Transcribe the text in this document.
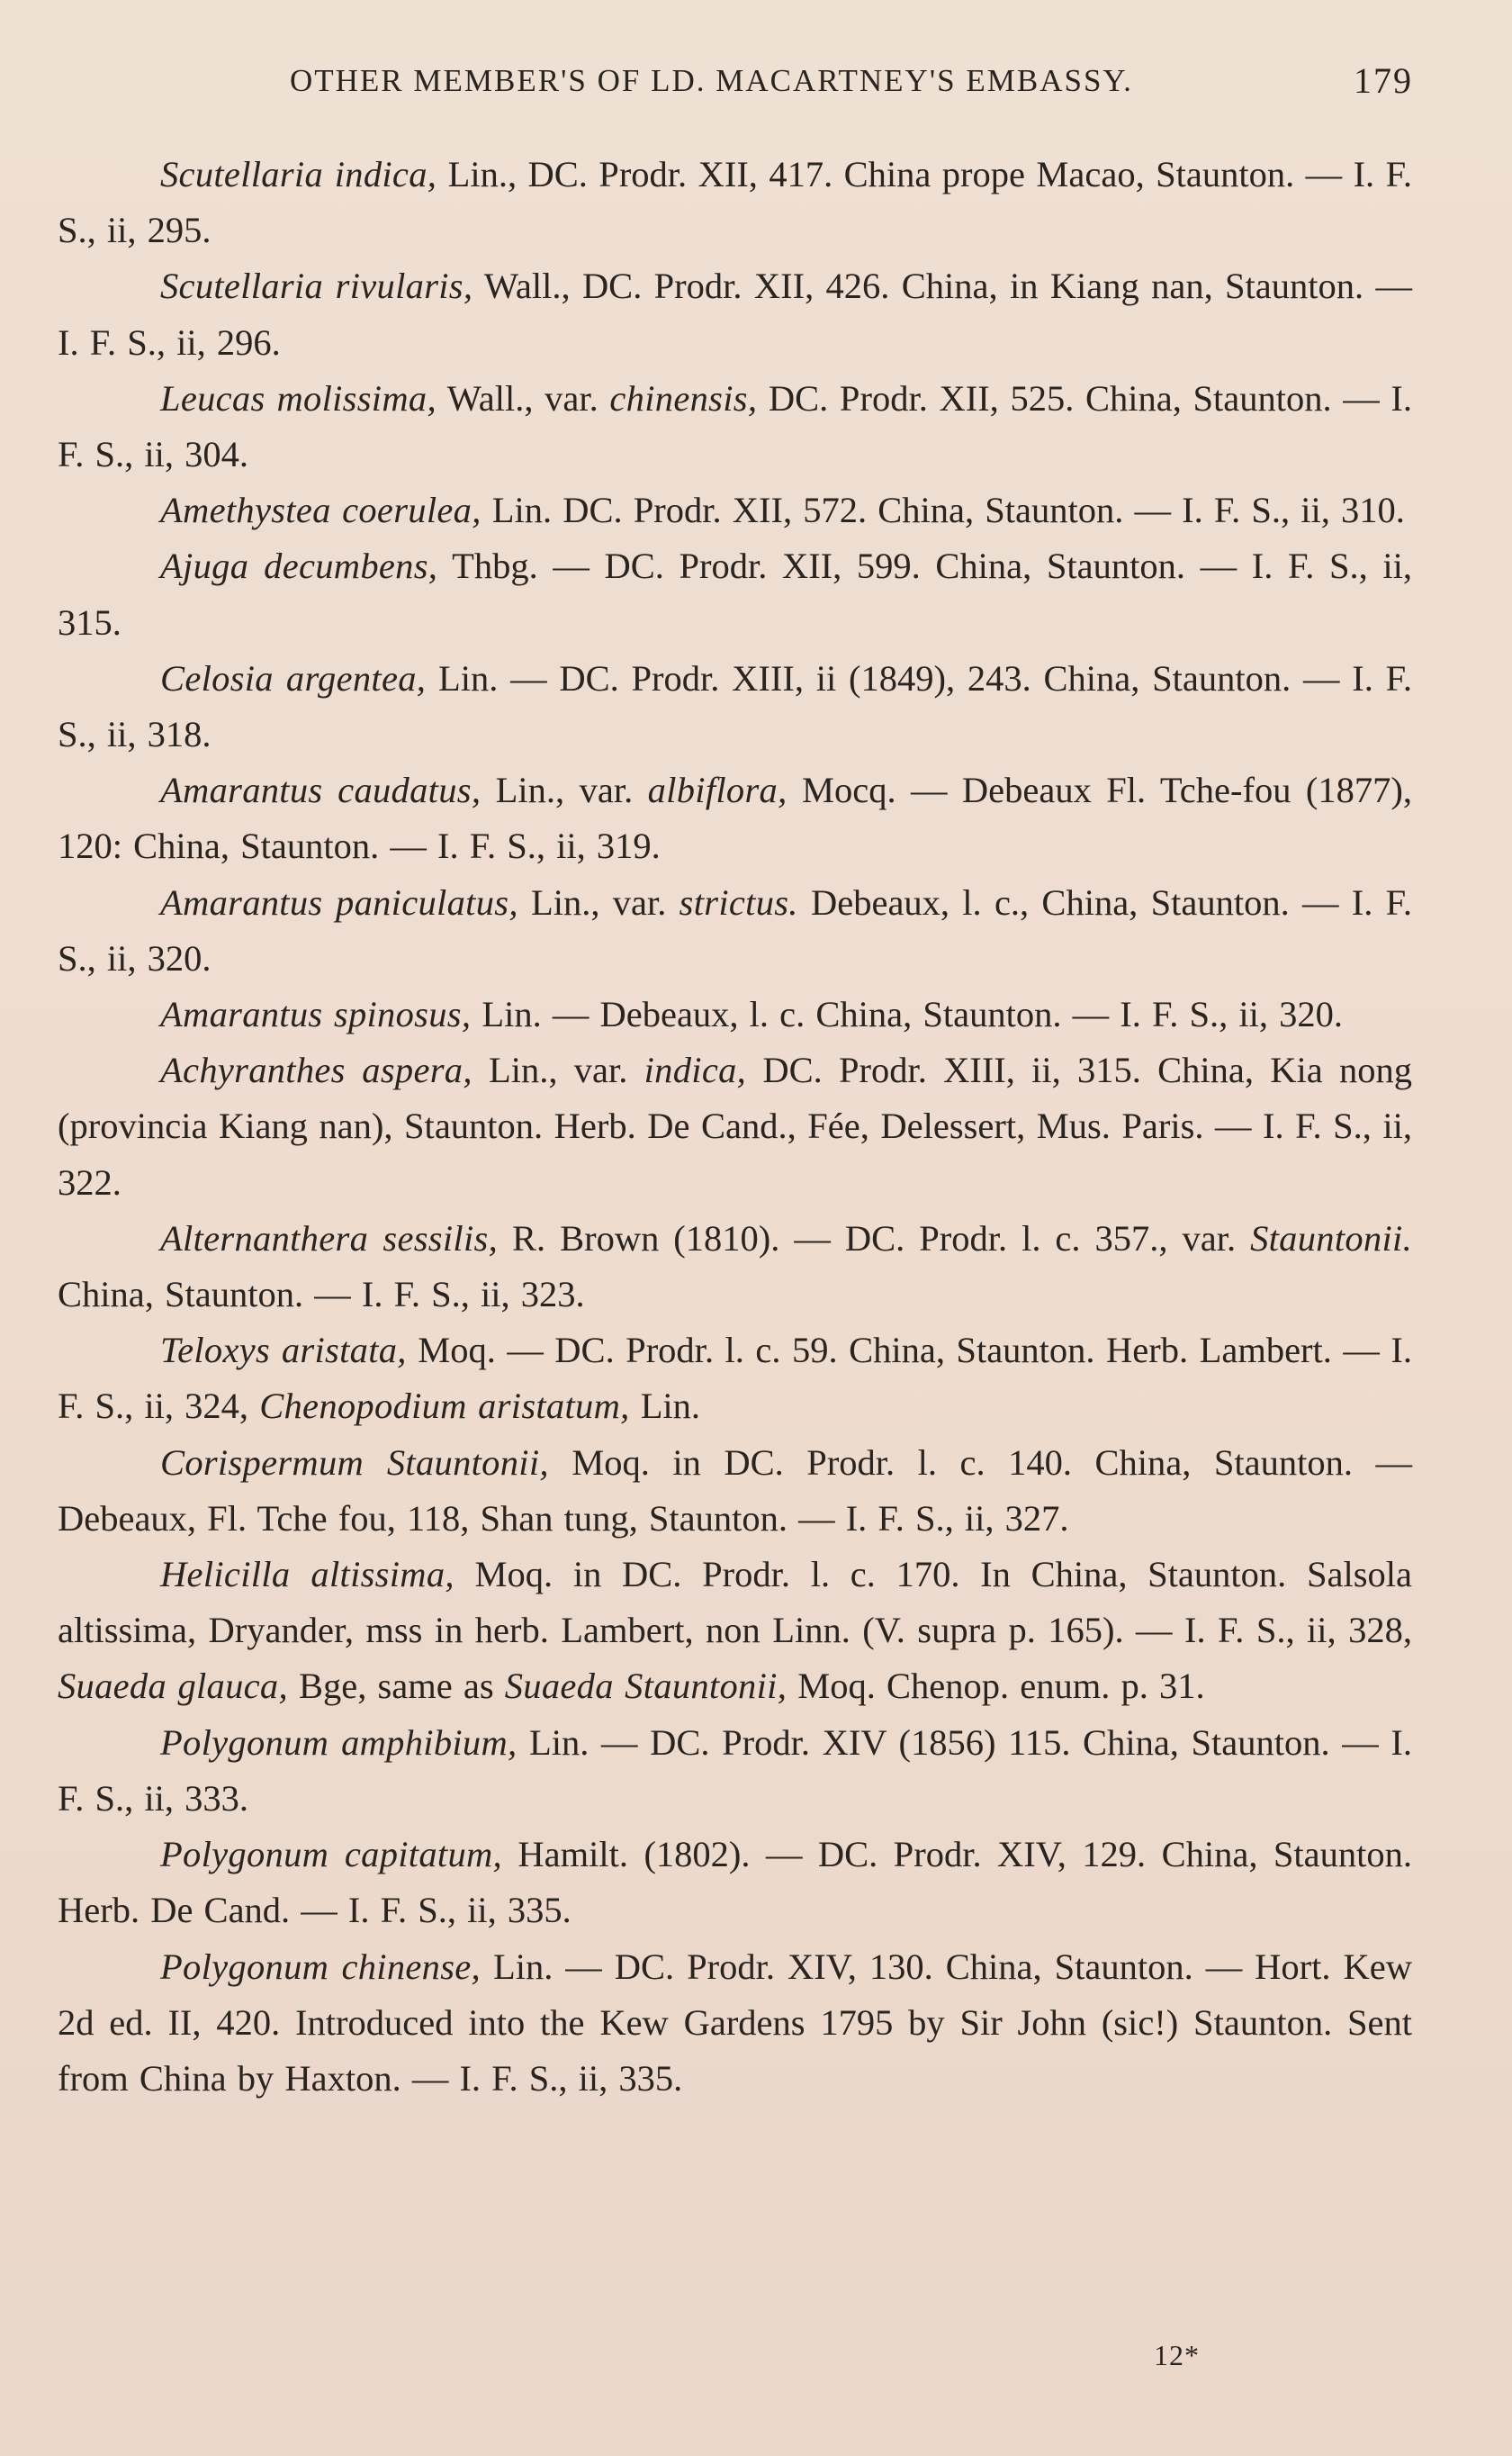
OTHER MEMBER'S OF LD. MACARTNEY'S EMBASSY.	179

Scutellaria indica, Lin., DC. Prodr. XII, 417. China prope Macao, Staunton. — I. F. S., ii, 295.

Scutellaria rivularis, Wall., DC. Prodr. XII, 426. China, in Kiang nan, Staunton. — I. F. S., ii, 296.

Leucas molissima, Wall., var. chinensis, DC. Prodr. XII, 525. China, Staunton. — I. F. S., ii, 304.

Amethystea coerulea, Lin. DC. Prodr. XII, 572. China, Staunton. — I. F. S., ii, 310.

Ajuga decumbens, Thbg. — DC. Prodr. XII, 599. China, Staunton. — I. F. S., ii, 315.

Celosia argentea, Lin. — DC. Prodr. XIII, ii (1849), 243. China, Staunton. — I. F. S., ii, 318.

Amarantus caudatus, Lin., var. albiflora, Mocq. — Debeaux Fl. Tche-fou (1877), 120: China, Staunton. — I. F. S., ii, 319.

Amarantus paniculatus, Lin., var. strictus. Debeaux, l. c., China, Staunton. — I. F. S., ii, 320.

Amarantus spinosus, Lin. — Debeaux, l. c. China, Staunton. — I. F. S., ii, 320.

Achyranthes aspera, Lin., var. indica, DC. Prodr. XIII, ii, 315. China, Kia nong (provincia Kiang nan), Staunton. Herb. De Cand., Fée, Delessert, Mus. Paris. — I. F. S., ii, 322.

Alternanthera sessilis, R. Brown (1810). — DC. Prodr. l. c. 357., var. Stauntonii. China, Staunton. — I. F. S., ii, 323.

Teloxys aristata, Moq. — DC. Prodr. l. c. 59. China, Staunton. Herb. Lambert. — I. F. S., ii, 324, Chenopodium aristatum, Lin.

Corispermum Stauntonii, Moq. in DC. Prodr. l. c. 140. China, Staunton. — Debeaux, Fl. Tche fou, 118, Shan tung, Staunton. — I. F. S., ii, 327.

Helicilla altissima, Moq. in DC. Prodr. l. c. 170. In China, Staunton. Salsola altissima, Dryander, mss in herb. Lambert, non Linn. (V. supra p. 165). — I. F. S., ii, 328, Suaeda glauca, Bge, same as Suaeda Stauntonii, Moq. Chenop. enum. p. 31.

Polygonum amphibium, Lin. — DC. Prodr. XIV (1856) 115. China, Staunton. — I. F. S., ii, 333.

Polygonum capitatum, Hamilt. (1802). — DC. Prodr. XIV, 129. China, Staunton. Herb. De Cand. — I. F. S., ii, 335.

Polygonum chinense, Lin. — DC. Prodr. XIV, 130. China, Staunton. — Hort. Kew 2d ed. II, 420. Introduced into the Kew Gardens 1795 by Sir John (sic!) Staunton. Sent from China by Haxton. — I. F. S., ii, 335.

12*
